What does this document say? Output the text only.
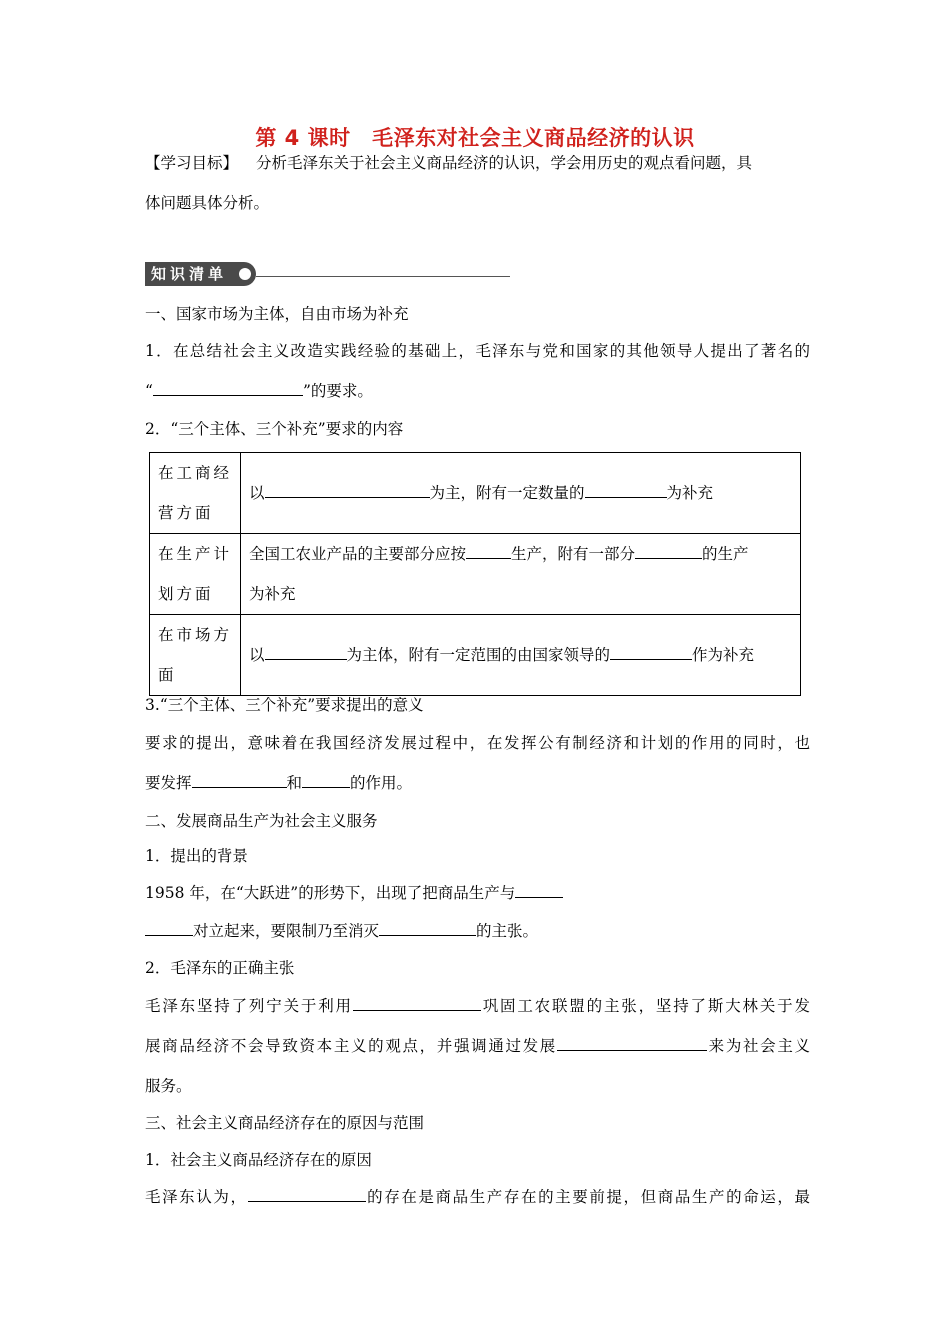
第 4 课时　毛泽东对社会主义商品经济的认识
【学习目标】 分析毛泽东关于社会主义商品经济的认识，学会用历史的观点看问题，具
体问题具体分析。
知识清单
一、国家市场为主体，自由市场为补充
1．在总结社会主义改造实践经验的基础上，毛泽东与党和国家的其他领导人提出了著名的
“	”的要求。
2．“三个主体、三个补充”要求的内容
在工商经
营方面	以 为主，附有一定数量的 为补充
在生产计
划方面	全国工农业产品的主要部分应按 生产，附有一部分 的生产
为补充
在市场方
面	以 为主体，附有一定范围的由国家领导的 作为补充
3.“三个主体、三个补充”要求提出的意义
要求的提出，意味着在我国经济发展过程中，在发挥公有制经济和计划的作用的同时，也
要发挥	和	的作用。
二、发展商品生产为社会主义服务
1．提出的背景
1958 年，在“大跃进”的形势下，出现了把商品生产与
对立起来，要限制乃至消灭	的主张。
2．毛泽东的正确主张
毛泽东坚持了列宁关于利用	巩固工农联盟的主张，坚持了斯大林关于发
展商品经济不会导致资本主义的观点，并强调通过发展	来为社会主义
服务。
三、社会主义商品经济存在的原因与范围
1．社会主义商品经济存在的原因
毛泽东认为，	的存在是商品生产存在的主要前提，但商品生产的命运，最
